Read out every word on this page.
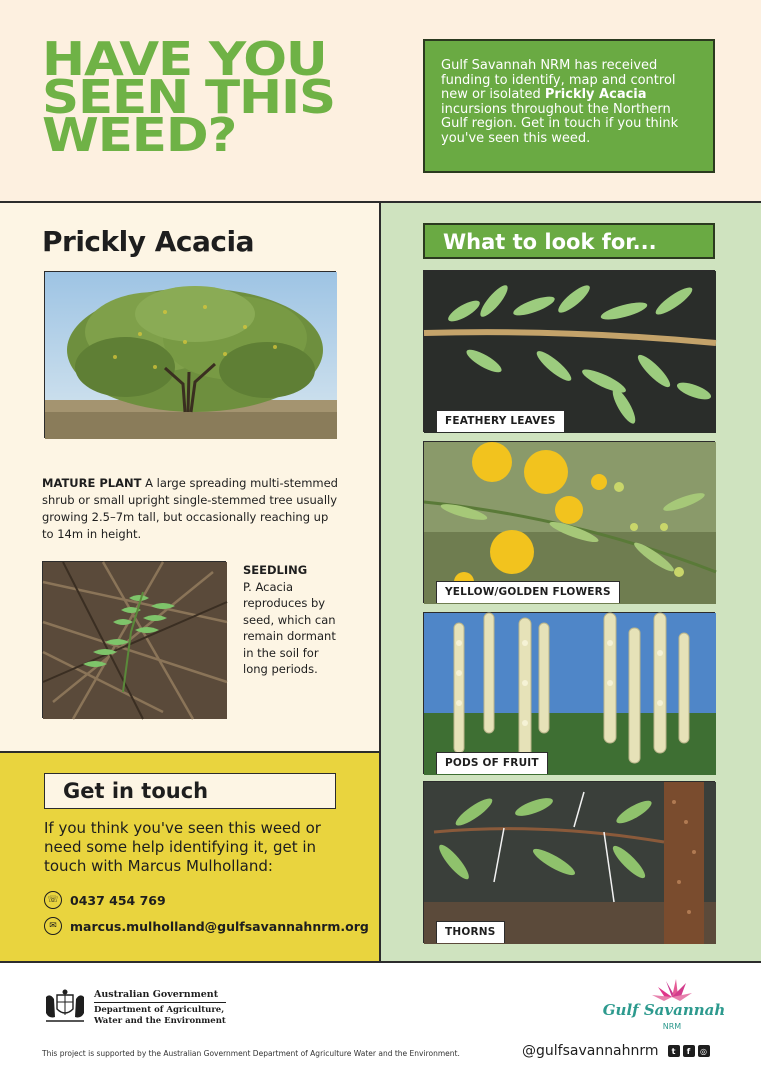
HAVE YOU SEEN THIS WEED?
Gulf Savannah NRM has received funding to identify, map and control new or isolated Prickly Acacia incursions throughout the Northern Gulf region. Get in touch if you think you've seen this weed.
Prickly Acacia
MATURE PLANT A large spreading multi-stemmed shrub or small upright single-stemmed tree usually growing 2.5–7m tall, but occasionally reaching up to 14m in height.
SEEDLING
P. Acacia reproduces by seed, which can remain dormant in the soil for long periods.
Get in touch
If you think you've seen this weed or need some help identifying it, get in touch with Marcus Mulholland:
☏ 0437 454 769
✉	marcus.mulholland@gulfsavannahnrm.org
What to look for...
FEATHERY LEAVES
YELLOW/GOLDEN FLOWERS
PODS OF FRUIT
THORNS
Australian Government
Department of Agriculture,
Water and the Environment
This project is supported by the Australian Government Department of Agriculture Water and the Environment.
Gulf Savannah
NRM
@gulfsavannahnrm	t	f	◎
